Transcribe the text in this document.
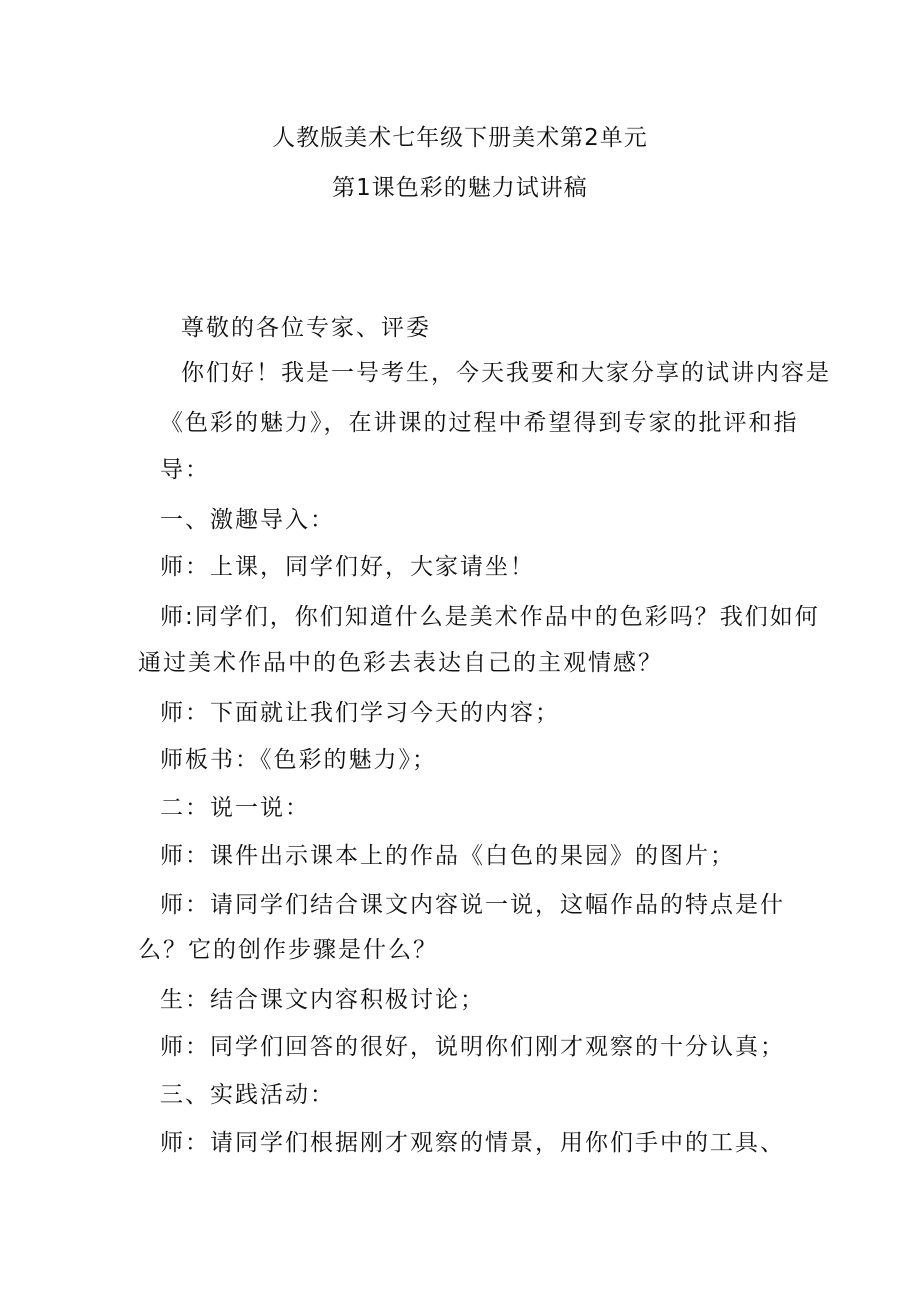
人教版美术七年级下册美术第2单元
第1课色彩的魅力试讲稿
尊敬的各位专家、评委
你们好！我是一号考生，今天我要和大家分享的试讲内容是
《色彩的魅力》，在讲课的过程中希望得到专家的批评和指
导：
一、激趣导入：
师：上课，同学们好，大家请坐！
师:同学们，你们知道什么是美术作品中的色彩吗？我们如何
通过美术作品中的色彩去表达自己的主观情感？
师：下面就让我们学习今天的内容；
师板书：《色彩的魅力》；
二：说一说：
师：课件出示课本上的作品《白色的果园》的图片；
师：请同学们结合课文内容说一说，这幅作品的特点是什
么？它的创作步骤是什么？
生：结合课文内容积极讨论；
师：同学们回答的很好，说明你们刚才观察的十分认真；
三、实践活动：
师：请同学们根据刚才观察的情景，用你们手中的工具、
